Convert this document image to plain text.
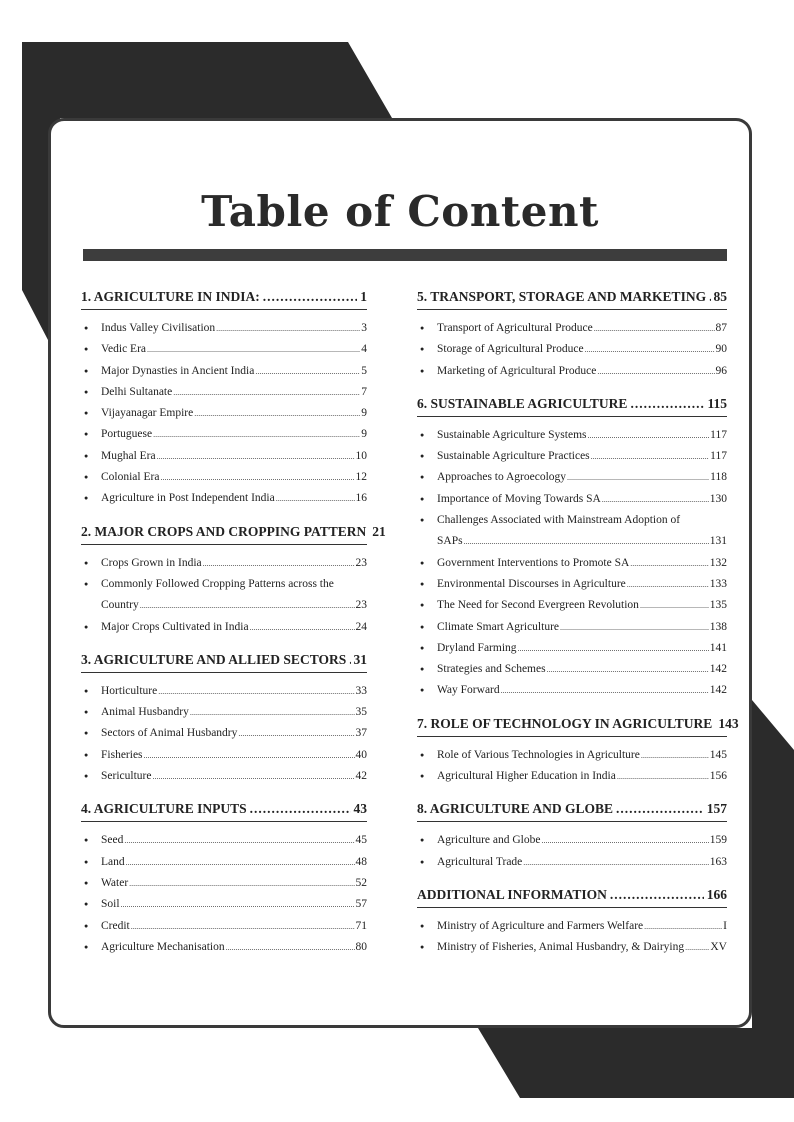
Table of Content
1. AGRICULTURE IN INDIA: .....	1
● Indus Valley Civilisation .....	3
● Vedic Era .....	4
● Major Dynasties in Ancient India .....	5
● Delhi Sultanate .....	7
● Vijayanagar Empire .....	9
● Portuguese .....	9
● Mughal Era .....	10
● Colonial Era .....	12
● Agriculture in Post Independent India .....	16
2. MAJOR CROPS AND CROPPING PATTERN 21
● Crops Grown in India .....	23
● Commonly Followed Cropping Patterns across the
Country .....	23
● Major Crops Cultivated in India .....	24
3. AGRICULTURE AND ALLIED SECTORS ..... 31
● Horticulture .....	33
● Animal Husbandry .....	35
● Sectors of Animal Husbandry .....	37
● Fisheries .....	40
● Sericulture .....	42
4. AGRICULTURE INPUTS .....	43
● Seed .....	45
● Land .....	48
● Water .....	52
● Soil .....	57
● Credit .....	71
● Agriculture Mechanisation .....	80
5. TRANSPORT, STORAGE AND MARKETING ..... 85
● Transport of Agricultural Produce .....	87
● Storage of Agricultural Produce .....	90
● Marketing of Agricultural Produce .....	96
6. SUSTAINABLE AGRICULTURE .....	115
● Sustainable Agriculture Systems .....	117
● Sustainable Agriculture Practices .....	117
● Approaches to Agroecology .....	118
● Importance of Moving Towards SA .....	130
● Challenges Associated with Mainstream Adoption of
SAPs .....	131
● Government Interventions to Promote SA .....	132
● Environmental Discourses in Agriculture .....	133
● The Need for Second Evergreen Revolution .....	135
● Climate Smart Agriculture .....	138
● Dryland Farming .....	141
● Strategies and Schemes .....	142
● Way Forward .....	142
7. ROLE OF TECHNOLOGY IN AGRICULTURE 143
● Role of Various Technologies in Agriculture .....	145
● Agricultural Higher Education in India .....	156
8. AGRICULTURE AND GLOBE .....	157
● Agriculture and Globe .....	159
● Agricultural Trade .....	163
ADDITIONAL INFORMATION .....	166
● Ministry of Agriculture and Farmers Welfare .....	I
● Ministry of Fisheries, Animal Husbandry, & Dairying ..... XV
